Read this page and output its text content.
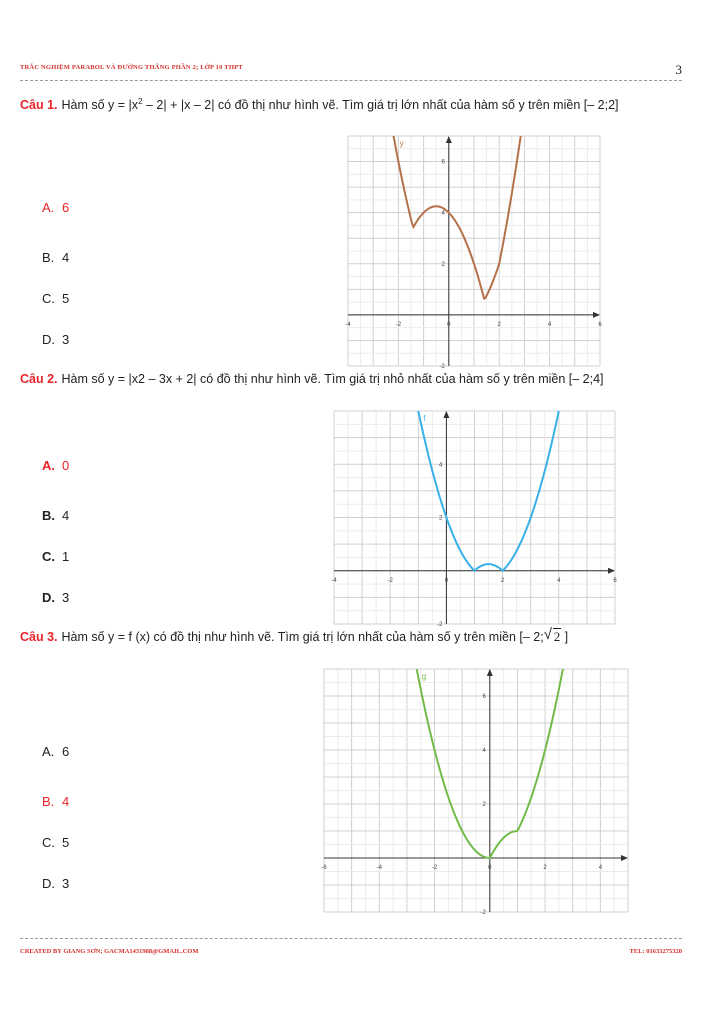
TRẮC NGHIỆM PARABOL VÀ ĐƯỜNG THẲNG PHẦN 2; LỚP 10 THPT	3
Câu 1. Hàm số $y = |x^2 - 2| + |x - 2|$ có đồ thị như hình vẽ. Tìm giá trị lớn nhất của hàm số y trên miền [– 2;2]
A. 6
B. 4
C. 5
D. 3
-4	-2	0	2	4	6
6
4
2
-2
y
Câu 2. Hàm số y = |x2 – 3x + 2| có đồ thị như hình vẽ. Tìm giá trị nhỏ nhất của hàm số y trên miền [– 2;4]
A. 0
B. 4
C. 1
D. 3
-4	-2	0	2	4	6
4
2
-2
f
Câu 3. Hàm số y = f (x) có đồ thị như hình vẽ. Tìm giá trị lớn nhất của hàm số y trên miền [– 2; √ 2 ]
A. 6
B. 4
C. 5
D. 3
-6	-4	-2	0	2	4
6
4
2
-2
g
CREATED BY GIANG SƠN; GACMA1431988@GMAIL.COM	TEL: 01633275320
